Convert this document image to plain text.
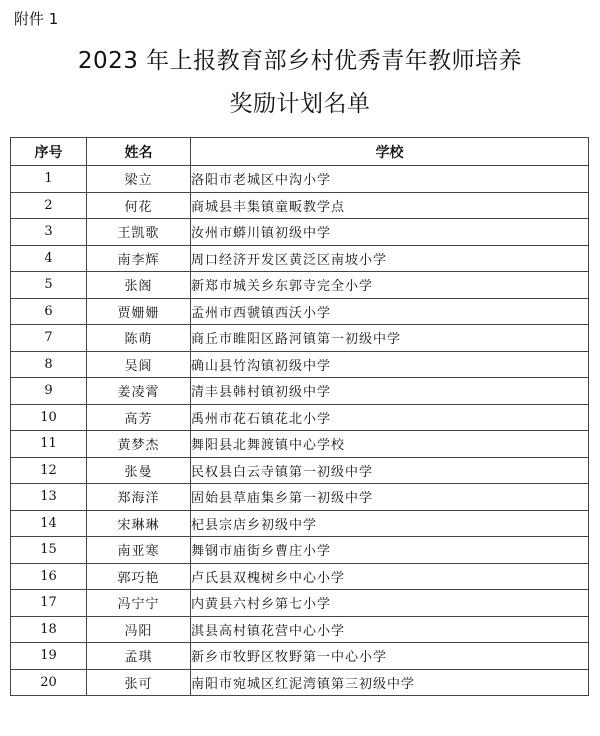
附件 1
2023 年上报教育部乡村优秀青年教师培养
奖励计划名单
序号	姓名	学校
1	梁立	洛阳市老城区中沟小学
2	何花	商城县丰集镇童畈教学点
3	王凯歌	汝州市蟒川镇初级中学
4	南李辉	周口经济开发区黄泛区南坡小学
5	张阁	新郑市城关乡东郭寺完全小学
6	贾姗姗	孟州市西虢镇西沃小学
7	陈萌	商丘市睢阳区路河镇第一初级中学
8	吴阆	确山县竹沟镇初级中学
9	姜凌霄	清丰县韩村镇初级中学
10	高芳	禹州市花石镇花北小学
11	黄梦杰	舞阳县北舞渡镇中心学校
12	张曼	民权县白云寺镇第一初级中学
13	郑海洋	固始县草庙集乡第一初级中学
14	宋琳琳	杞县宗店乡初级中学
15	南亚寒	舞钢市庙街乡曹庄小学
16	郭巧艳	卢氏县双槐树乡中心小学
17	冯宁宁	内黄县六村乡第七小学
18	冯阳	淇县高村镇花营中心小学
19	孟琪	新乡市牧野区牧野第一中心小学
20	张可	南阳市宛城区红泥湾镇第三初级中学
